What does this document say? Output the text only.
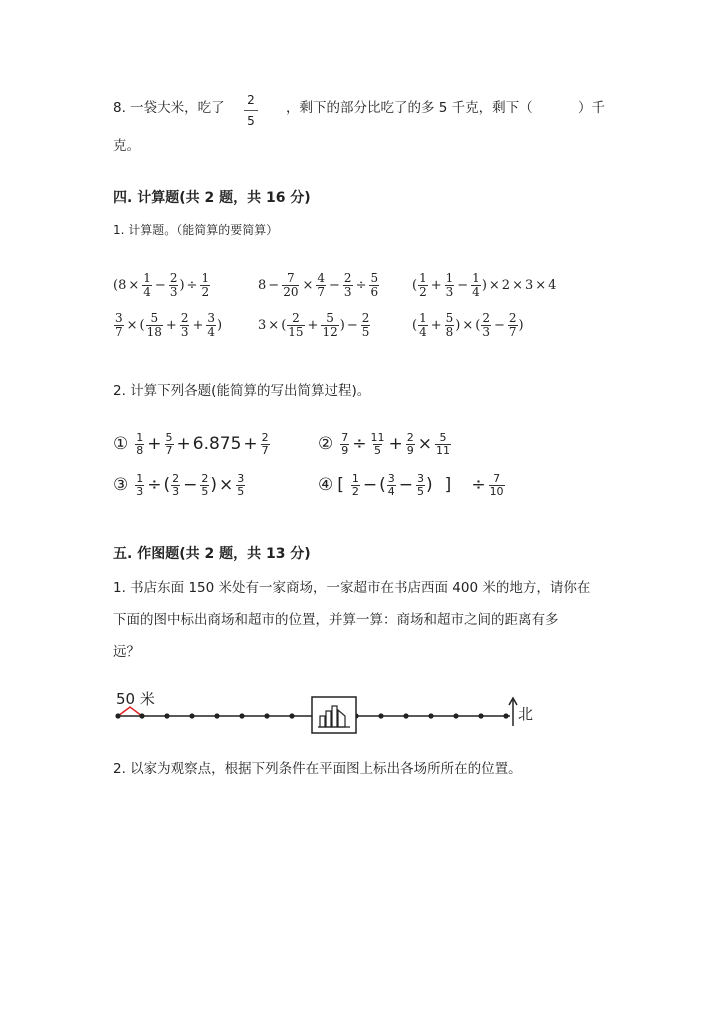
8. 一袋大米，吃了 2
5
，剩下的部分比吃了的多 5 千克，剩下（	）千
克。
四. 计算题(共 2 题，共 16 分)
1. 计算题。（能简算的要简算）
( $8 \times \frac{1}{4} - \frac{2}{3}$ ) ÷ $\frac{1}{2}$	$8 - \frac{7}{20} \times \frac{4}{7} - \frac{2}{3} \div \frac{5}{6}$	( $\frac{1}{2} + \frac{1}{3} - \frac{1}{4}$ ) × 2 × 3 × 4
$\frac{3}{7}$ × ( $\frac{5}{18} + \frac{2}{3} + \frac{3}{4}$ )	3 × ( $\frac{2}{15} + \frac{5}{12}$ ) − $\frac{2}{5}$	( $\frac{1}{4} + \frac{5}{8}$ ) × ( $\frac{2}{3} - \frac{2}{7}$ )
2. 计算下列各题(能简算的写出简算过程)。
① $\frac{1}{8} + \frac{5}{7} + 6.875 + \frac{2}{7}$	② $\frac{7}{9} \div \frac{11}{5} + \frac{2}{9} \times \frac{5}{11}$
③ $\frac{1}{3}$ ÷ ( $\frac{2}{3} - \frac{2}{5}$ ) × $\frac{3}{5}$	④ [ $\frac{1}{2}$ − ( $\frac{3}{4} - \frac{3}{5}$ ) ] ÷ $\frac{7}{10}$
五. 作图题(共 2 题，共 13 分)
1. 书店东面 150 米处有一家商场，一家超市在书店西面 400 米的地方，请你在
下面的图中标出商场和超市的位置，并算一算：商场和超市之间的距离有多
远？
50 米
北
2. 以家为观察点，根据下列条件在平面图上标出各场所所在的位置。
